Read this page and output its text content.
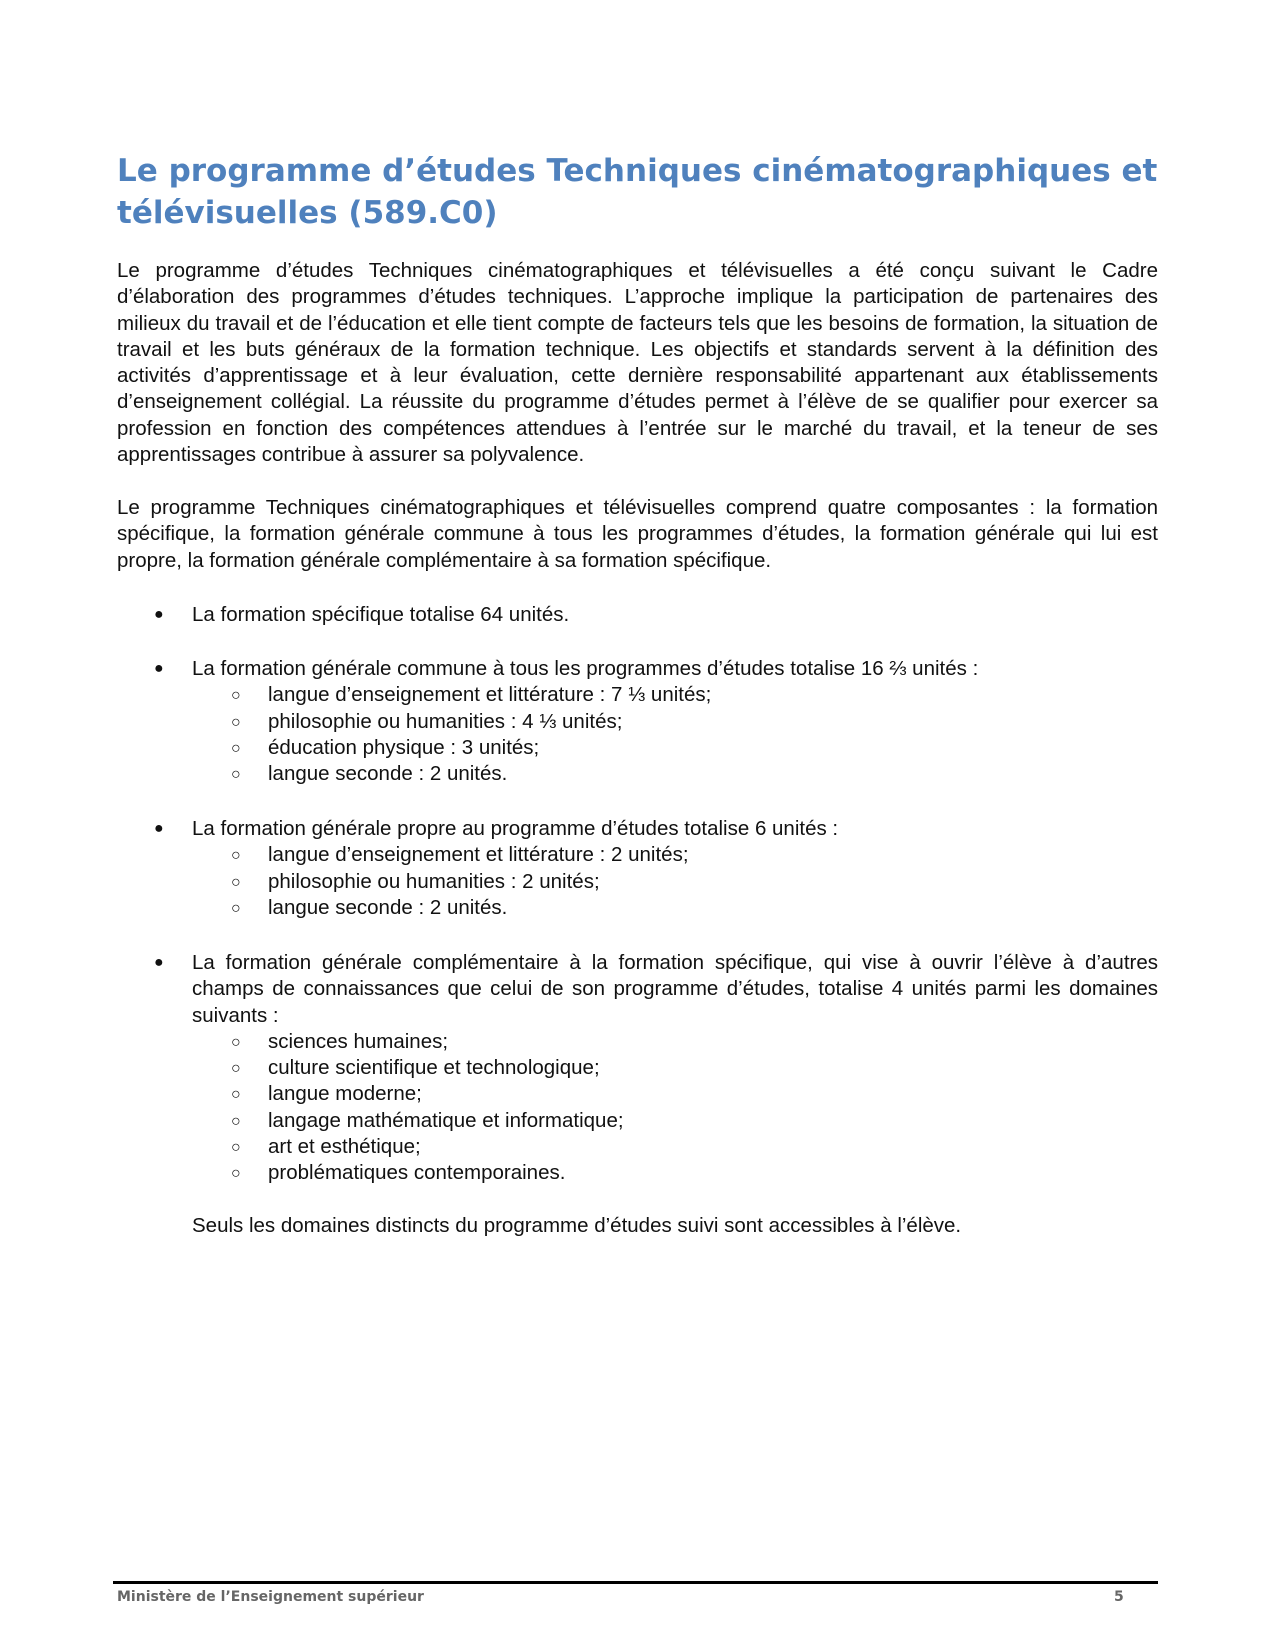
Le programme d’études Techniques cinématographiques et télévisuelles (589.C0)
Le programme d’études Techniques cinématographiques et télévisuelles a été conçu suivant le Cadre d’élaboration des programmes d’études techniques. L’approche implique la participation de partenaires des milieux du travail et de l’éducation et elle tient compte de facteurs tels que les besoins de formation, la situation de travail et les buts généraux de la formation technique. Les objectifs et standards servent à la définition des activités d’apprentissage et à leur évaluation, cette dernière responsabilité appartenant aux établissements d’enseignement collégial. La réussite du programme d’études permet à l’élève de se qualifier pour exercer sa profession en fonction des compétences attendues à l’entrée sur le marché du travail, et la teneur de ses apprentissages contribue à assurer sa polyvalence.
Le programme Techniques cinématographiques et télévisuelles comprend quatre composantes : la formation spécifique, la formation générale commune à tous les programmes d’études, la formation générale qui lui est propre, la formation générale complémentaire à sa formation spécifique.
● La formation spécifique totalise 64 unités.
● La formation générale commune à tous les programmes d’études totalise 16 ⅔ unités :
○ langue d’enseignement et littérature : 7 ⅓ unités;
○ philosophie ou humanities : 4 ⅓ unités;
○ éducation physique : 3 unités;
○ langue seconde : 2 unités.
● La formation générale propre au programme d’études totalise 6 unités :
○ langue d’enseignement et littérature : 2 unités;
○ philosophie ou humanities : 2 unités;
○ langue seconde : 2 unités.
● La formation générale complémentaire à la formation spécifique, qui vise à ouvrir l’élève à d’autres champs de connaissances que celui de son programme d’études, totalise 4 unités parmi les domaines suivants :
○ sciences humaines;
○ culture scientifique et technologique;
○ langue moderne;
○ langage mathématique et informatique;
○ art et esthétique;
○ problématiques contemporaines.
Seuls les domaines distincts du programme d’études suivi sont accessibles à l’élève.
Ministère de l’Enseignement supérieur	5
